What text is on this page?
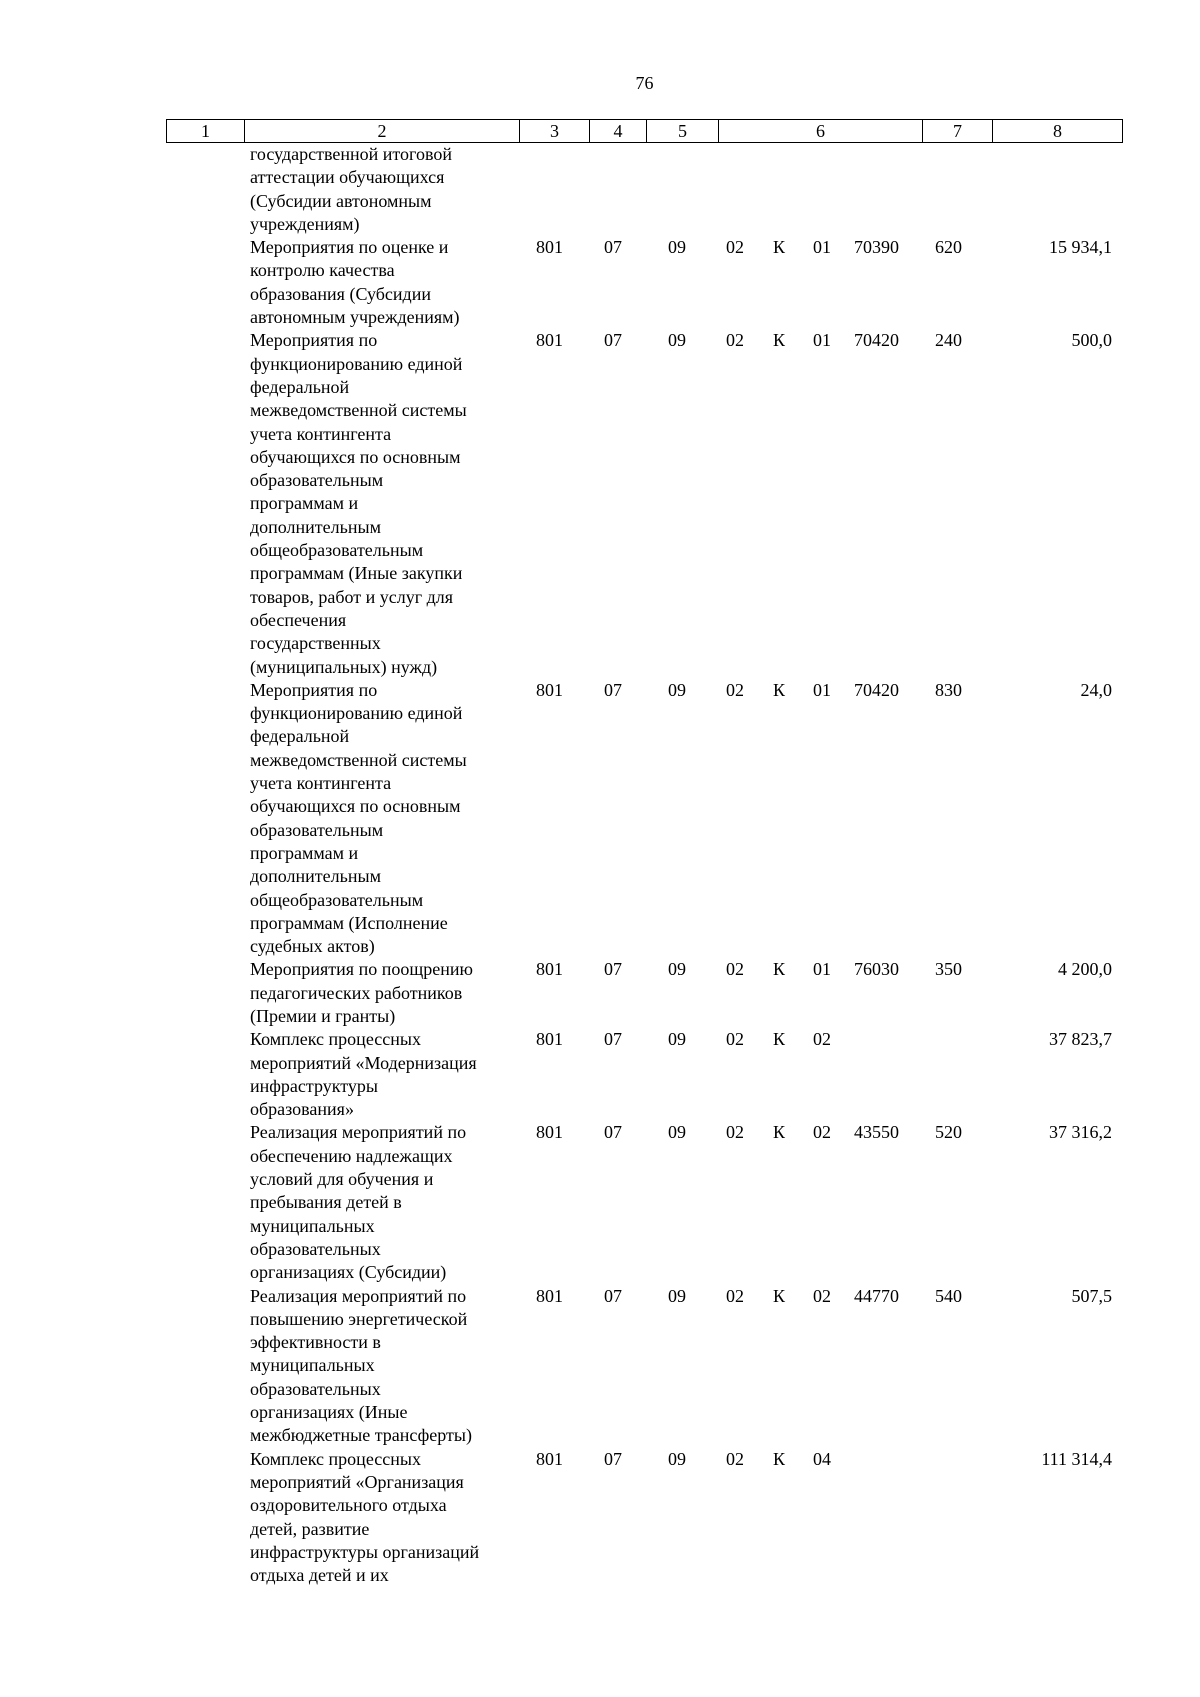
76
1	2	3	4	5	6	7	8
государственной итоговой
аттестации обучающихся
(Субсидии автономным
учреждениям)
Мероприятия по оценке и
контролю качества
образования (Субсидии
автономным учреждениям)
801 07	09 02 К 01 70390 620	15 934,1
Мероприятия по
функционированию единой
федеральной
межведомственной системы
учета контингента
обучающихся по основным
образовательным
программам и
дополнительным
общеобразовательным
программам (Иные закупки
товаров, работ и услуг для
обеспечения
государственных
(муниципальных) нужд)
801 07	09 02 К 01 70420 240	500,0
Мероприятия по
функционированию единой
федеральной
межведомственной системы
учета контингента
обучающихся по основным
образовательным
программам и
дополнительным
общеобразовательным
программам (Исполнение
судебных актов)
801 07	09 02 К 01 70420 830	24,0
Мероприятия по поощрению
педагогических работников
(Премии и гранты)
801 07	09 02 К 01 76030 350	4 200,0
Комплекс процессных
мероприятий «Модернизация
инфраструктуры
образования»
801 07	09 02 К 02	37 823,7
Реализация мероприятий по
обеспечению надлежащих
условий для обучения и
пребывания детей в
муниципальных
образовательных
организациях (Субсидии)
801 07	09 02 К 02 43550 520	37 316,2
Реализация мероприятий по
повышению энергетической
эффективности в
муниципальных
образовательных
организациях (Иные
межбюджетные трансферты)
801 07	09 02 К 02 44770 540	507,5
Комплекс процессных
мероприятий «Организация
оздоровительного отдыха
детей, развитие
инфраструктуры организаций
отдыха детей и их
801 07	09 02 К 04	111 314,4
